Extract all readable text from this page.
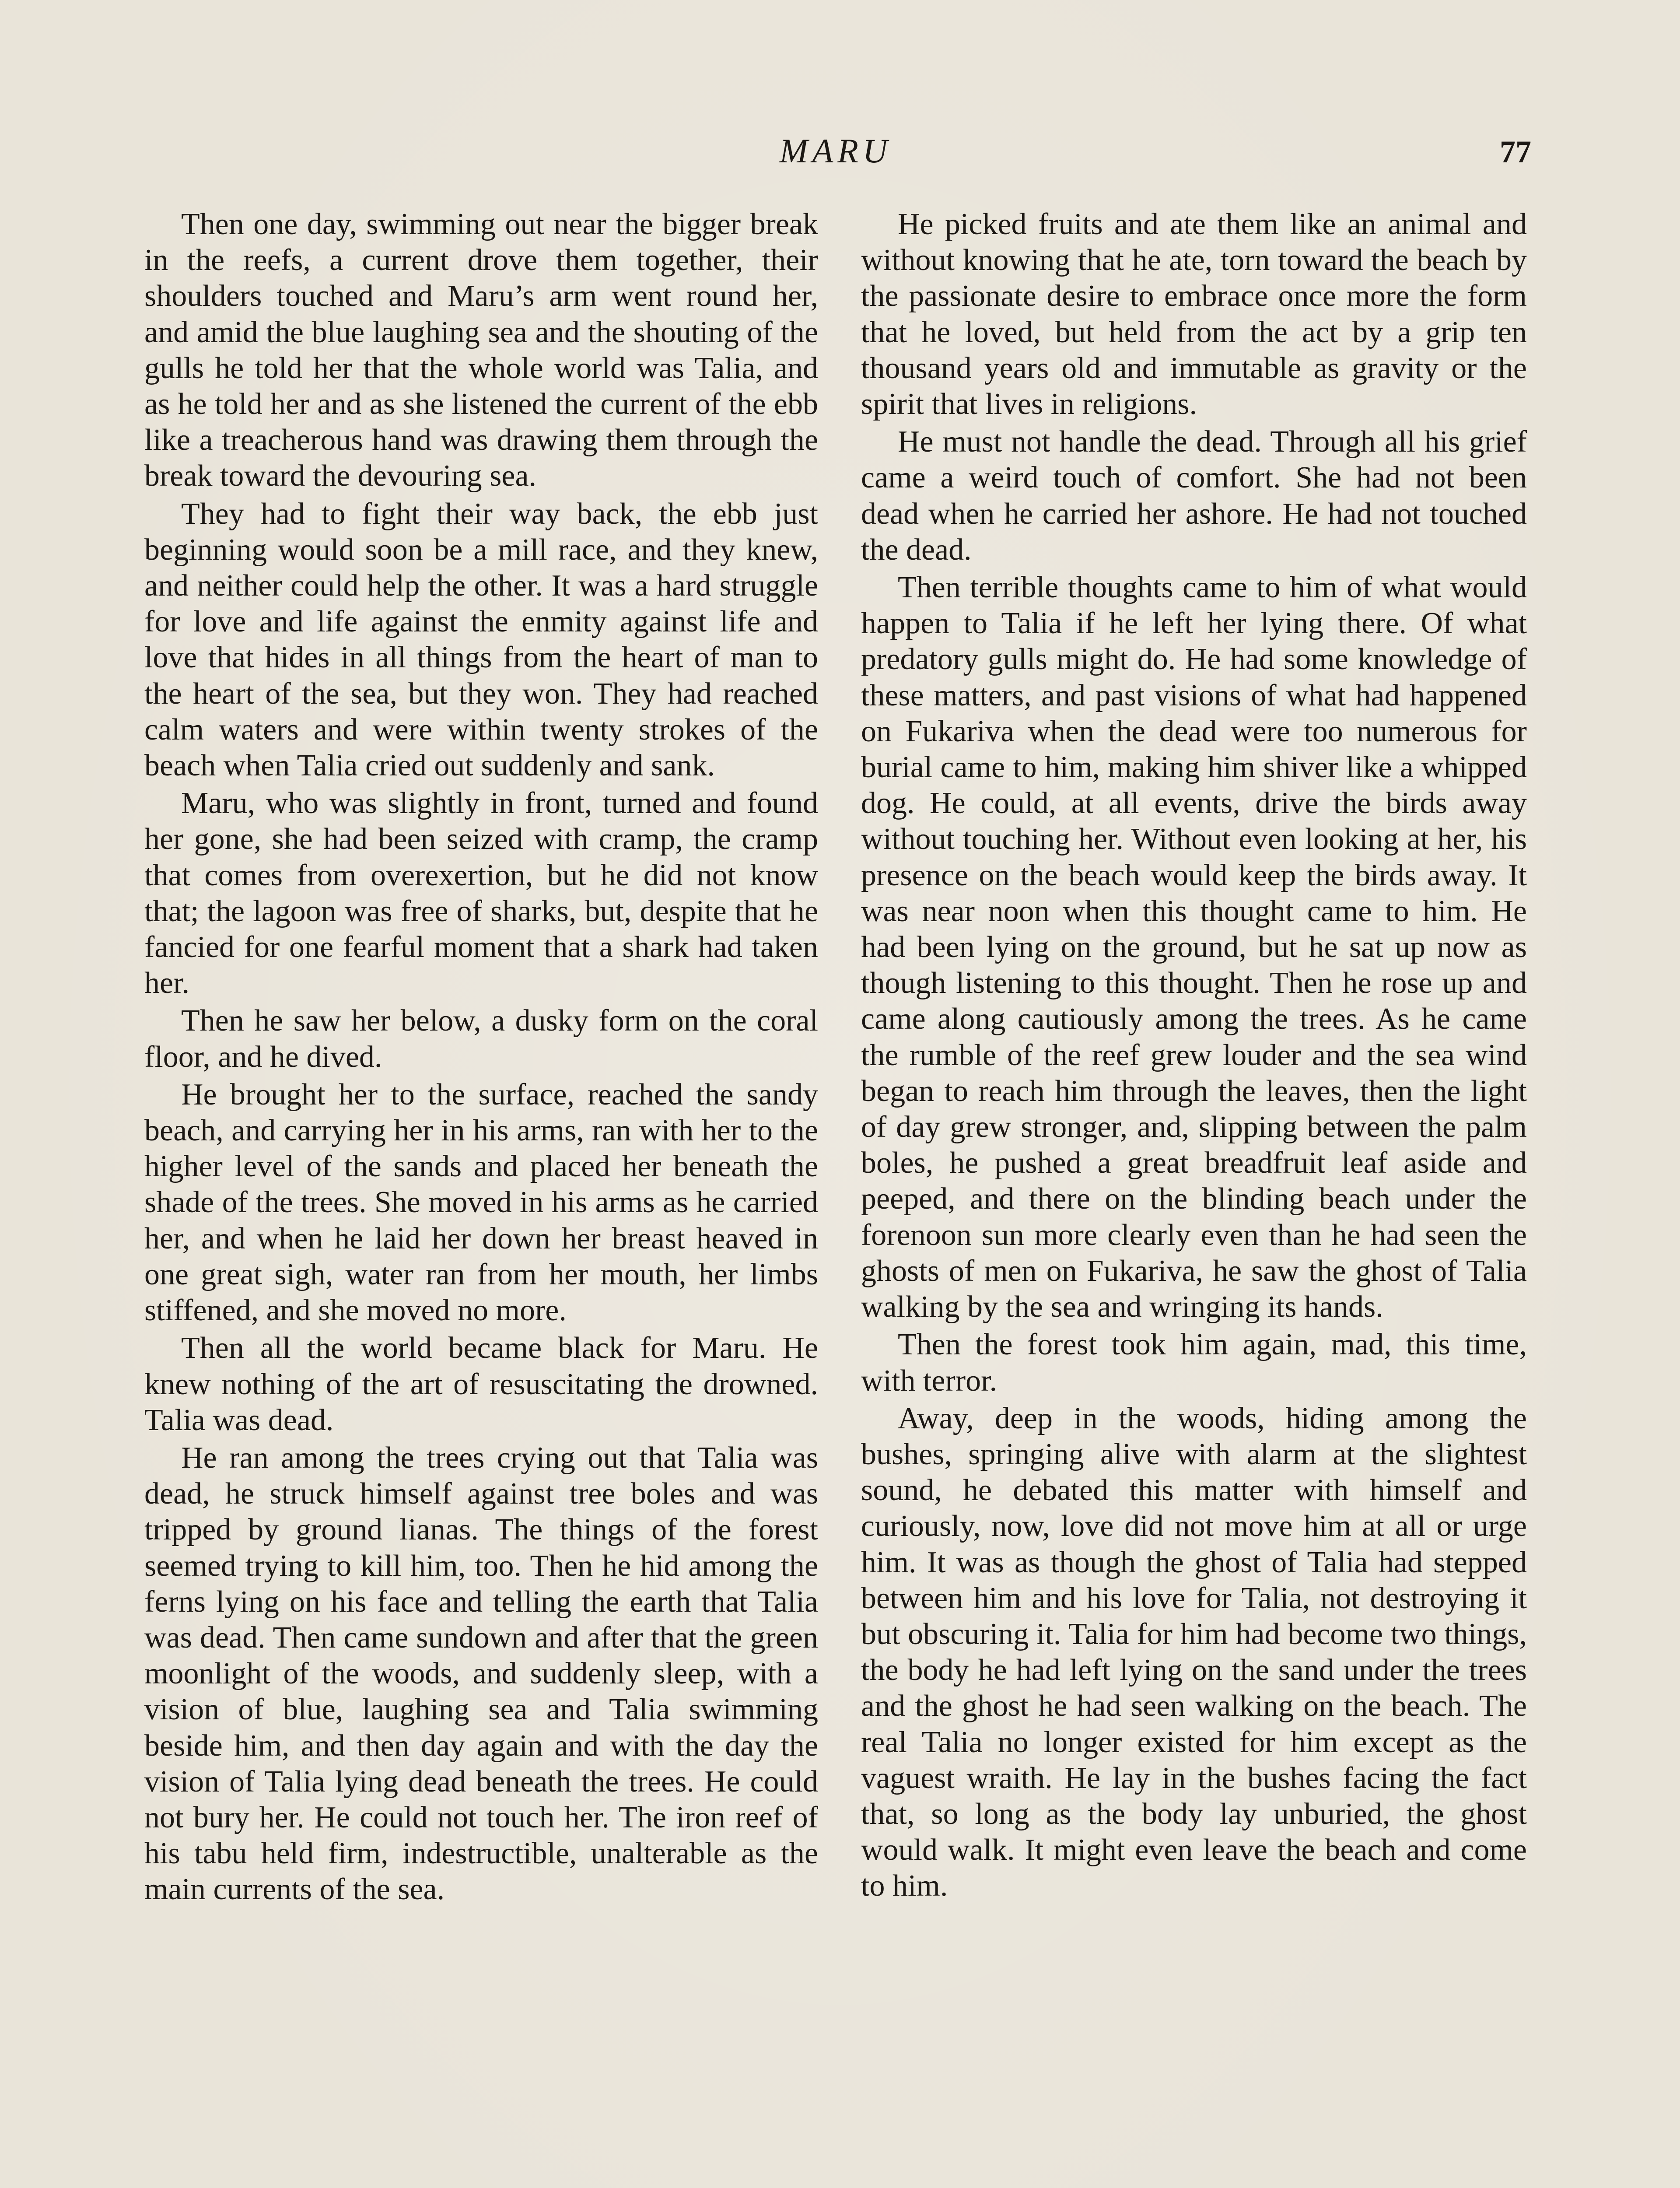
MARU	77

Then one day, swimming out near the bigger break in the reefs, a current drove them together, their shoulders touched and Maru’s arm went round her, and amid the blue laughing sea and the shouting of the gulls he told her that the whole world was Talia, and as he told her and as she listened the current of the ebb like a treacherous hand was drawing them through the break toward the devouring sea.

They had to fight their way back, the ebb just beginning would soon be a mill race, and they knew, and neither could help the other. It was a hard struggle for love and life against the enmity against life and love that hides in all things from the heart of man to the heart of the sea, but they won. They had reached calm waters and were within twenty strokes of the beach when Talia cried out suddenly and sank.

Maru, who was slightly in front, turned and found her gone, she had been seized with cramp, the cramp that comes from overexertion, but he did not know that; the lagoon was free of sharks, but, despite that he fancied for one fearful moment that a shark had taken her.

Then he saw her below, a dusky form on the coral floor, and he dived.

He brought her to the surface, reached the sandy beach, and carrying her in his arms, ran with her to the higher level of the sands and placed her beneath the shade of the trees. She moved in his arms as he carried her, and when he laid her down her breast heaved in one great sigh, water ran from her mouth, her limbs stiffened, and she moved no more.

Then all the world became black for Maru. He knew nothing of the art of resuscitating the drowned. Talia was dead.

He ran among the trees crying out that Talia was dead, he struck himself against tree boles and was tripped by ground lianas. The things of the forest seemed trying to kill him, too. Then he hid among the ferns lying on his face and telling the earth that Talia was dead. Then came sundown and after that the green moonlight of the woods, and suddenly sleep, with a vision of blue, laughing sea and Talia swimming beside him, and then day again and with the day the vision of Talia lying dead beneath the trees. He could not bury her. He could not touch her. The iron reef of his tabu held firm, indestructible, unalterable as the main currents of the sea.

He picked fruits and ate them like an animal and without knowing that he ate, torn toward the beach by the passionate desire to embrace once more the form that he loved, but held from the act by a grip ten thousand years old and immutable as gravity or the spirit that lives in religions.

He must not handle the dead. Through all his grief came a weird touch of comfort. She had not been dead when he carried her ashore. He had not touched the dead.

Then terrible thoughts came to him of what would happen to Talia if he left her lying there. Of what predatory gulls might do. He had some knowledge of these matters, and past visions of what had happened on Fukariva when the dead were too numerous for burial came to him, making him shiver like a whipped dog. He could, at all events, drive the birds away without touching her. Without even looking at her, his presence on the beach would keep the birds away. It was near noon when this thought came to him. He had been lying on the ground, but he sat up now as though listening to this thought. Then he rose up and came along cautiously among the trees. As he came the rumble of the reef grew louder and the sea wind began to reach him through the leaves, then the light of day grew stronger, and, slipping between the palm boles, he pushed a great breadfruit leaf aside and peeped, and there on the blinding beach under the forenoon sun more clearly even than he had seen the ghosts of men on Fukariva, he saw the ghost of Talia walking by the sea and wringing its hands.

Then the forest took him again, mad, this time, with terror.

Away, deep in the woods, hiding among the bushes, springing alive with alarm at the slightest sound, he debated this matter with himself and curiously, now, love did not move him at all or urge him. It was as though the ghost of Talia had stepped between him and his love for Talia, not destroying it but obscuring it. Talia for him had become two things, the body he had left lying on the sand under the trees and the ghost he had seen walking on the beach. The real Talia no longer existed for him except as the vaguest wraith. He lay in the bushes facing the fact that, so long as the body lay unburied, the ghost would walk. It might even leave the beach and come to him.
